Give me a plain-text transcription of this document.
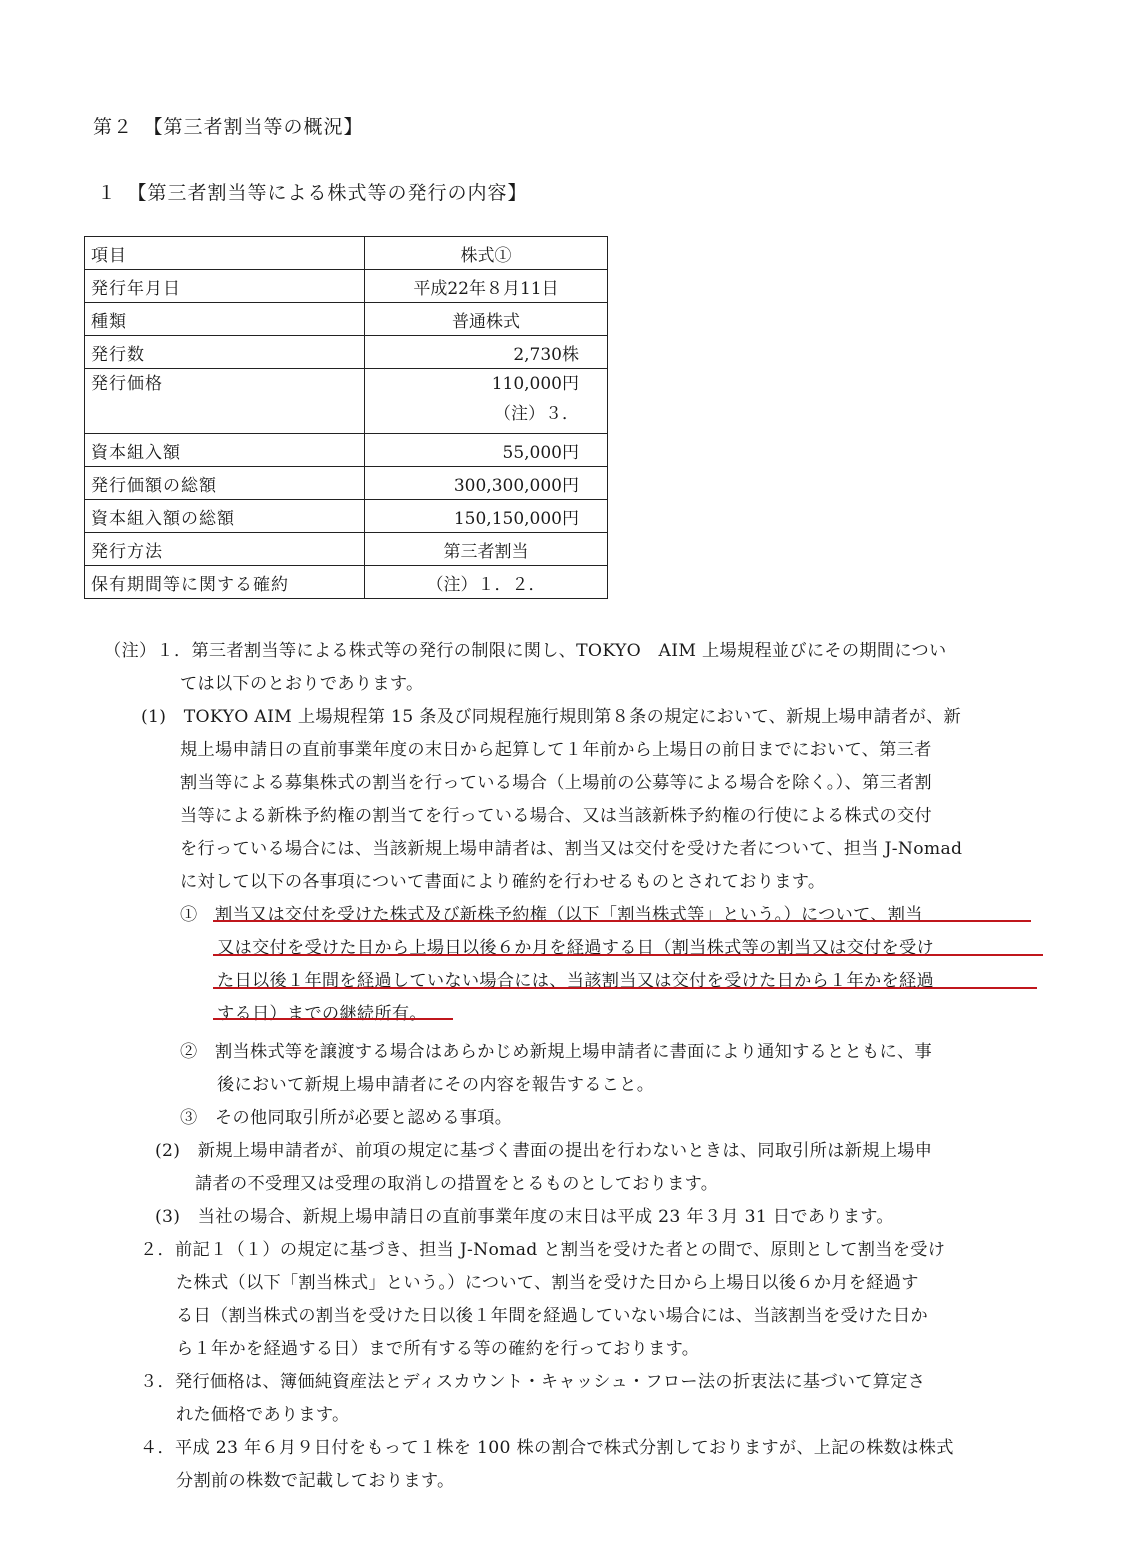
第２　【第三者割当等の概況】
１　【第三者割当等による株式等の発行の内容】
項目	株式①
発行年月日	平成22年８月11日
種類	普通株式
発行数	2,730株
発行価格	110,000円
（注）３．

資本組入額	55,000円
発行価額の総額	300,300,000円
資本組入額の総額	150,150,000円
発行方法	第三者割当
保有期間等に関する確約	（注）１．２．
（注）１．第三者割当等による株式等の発行の制限に関し、TOKYO　AIM 上場規程並びにその期間につい
ては以下のとおりであります。
(1)　TOKYO AIM 上場規程第 15 条及び同規程施行規則第８条の規定において、新規上場申請者が、新
規上場申請日の直前事業年度の末日から起算して１年前から上場日の前日までにおいて、第三者
割当等による募集株式の割当を行っている場合（上場前の公募等による場合を除く。）、第三者割
当等による新株予約権の割当てを行っている場合、又は当該新株予約権の行使による株式の交付
を行っている場合には、当該新規上場申請者は、割当又は交付を受けた者について、担当 J-Nomad
に対して以下の各事項について書面により確約を行わせるものとされております。
①　割当又は交付を受けた株式及び新株予約権（以下「割当株式等」という。）について、割当
又は交付を受けた日から上場日以後６か月を経過する日（割当株式等の割当又は交付を受け
た日以後１年間を経過していない場合には、当該割当又は交付を受けた日から１年かを経過
する日）までの継続所有。
②　割当株式等を譲渡する場合はあらかじめ新規上場申請者に書面により通知するとともに、事
後において新規上場申請者にその内容を報告すること。
③　その他同取引所が必要と認める事項。
(2)　新規上場申請者が、前項の規定に基づく書面の提出を行わないときは、同取引所は新規上場申
請者の不受理又は受理の取消しの措置をとるものとしております。
(3)　当社の場合、新規上場申請日の直前事業年度の末日は平成 23 年３月 31 日であります。
２．前記１（１）の規定に基づき、担当 J-Nomad と割当を受けた者との間で、原則として割当を受け
た株式（以下「割当株式」という。）について、割当を受けた日から上場日以後６か月を経過す
る日（割当株式の割当を受けた日以後１年間を経過していない場合には、当該割当を受けた日か
ら１年かを経過する日）まで所有する等の確約を行っております。
３．発行価格は、簿価純資産法とディスカウント・キャッシュ・フロー法の折衷法に基づいて算定さ
れた価格であります。
４．平成 23 年６月９日付をもって１株を 100 株の割合で株式分割しておりますが、上記の株数は株式
分割前の株数で記載しております。
